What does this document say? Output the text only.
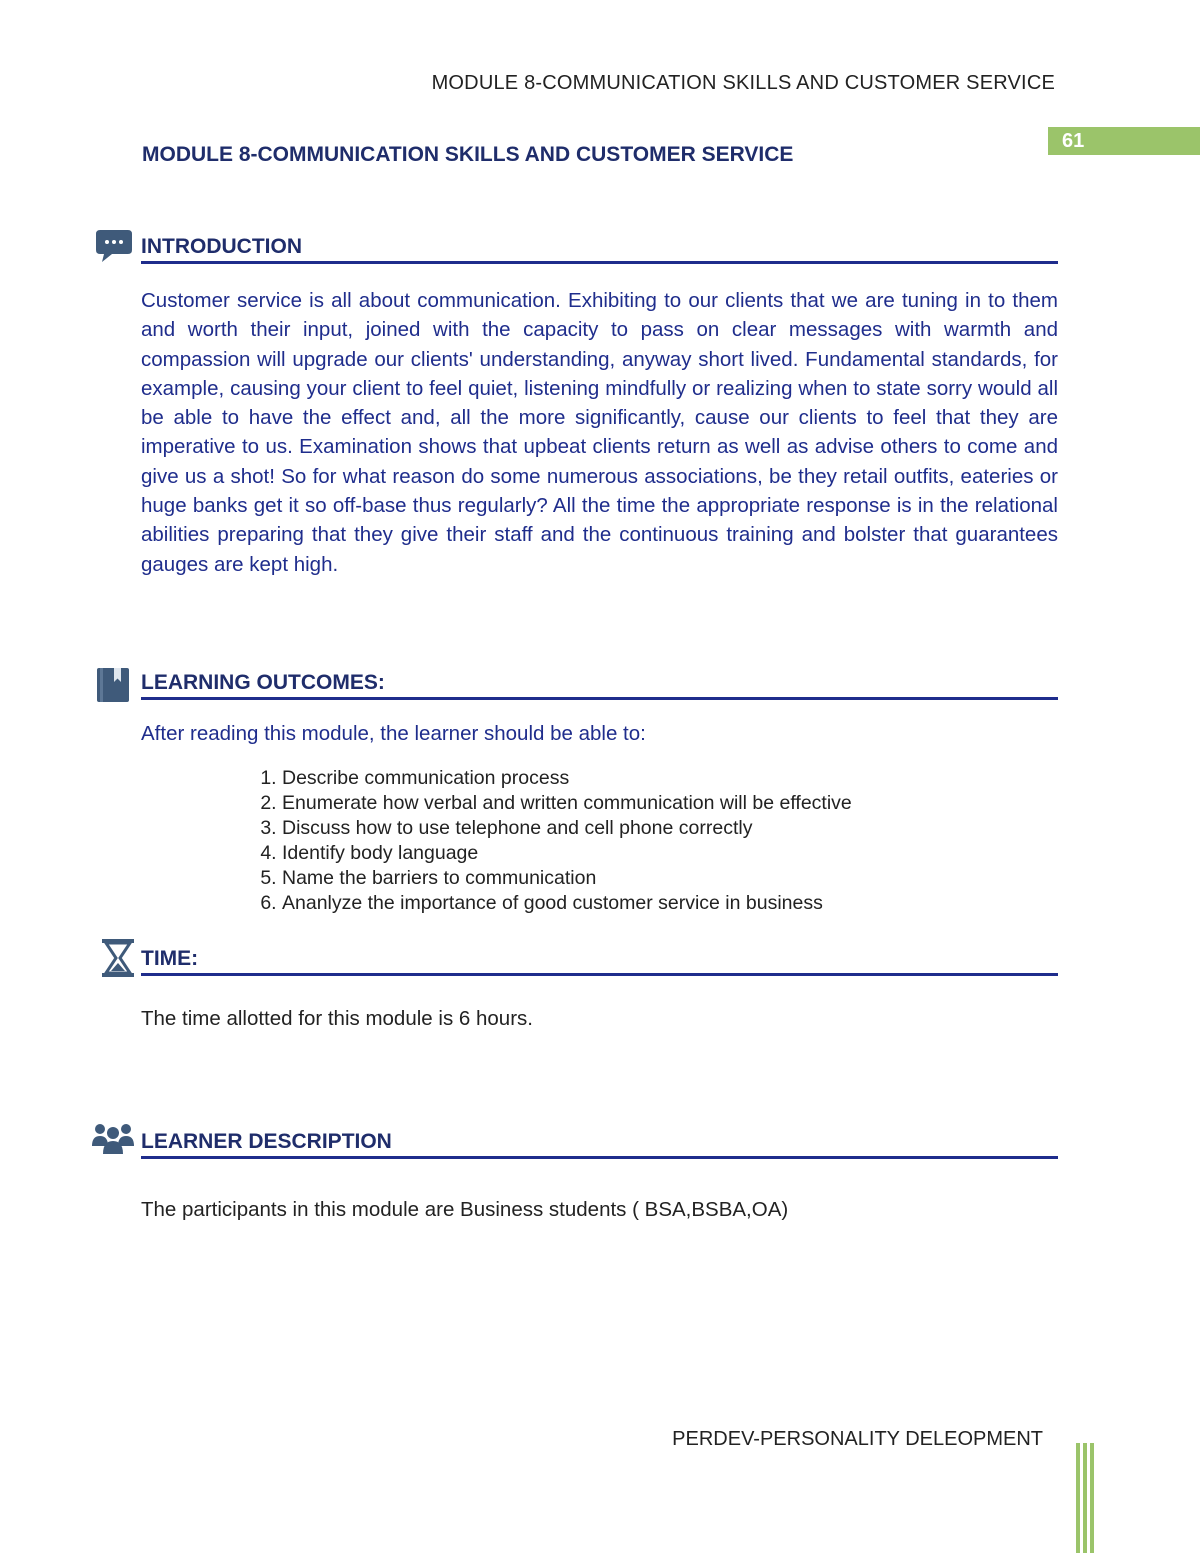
MODULE 8-COMMUNICATION SKILLS AND CUSTOMER SERVICE
61
MODULE 8-COMMUNICATION SKILLS AND CUSTOMER SERVICE
INTRODUCTION
Customer service is all about communication. Exhibiting to our clients that we are tuning in to them and worth their input, joined with the capacity to pass on clear messages with warmth and compassion will upgrade our clients' understanding, anyway short lived. Fundamental standards, for example, causing your client to feel quiet, listening mindfully or realizing when to state sorry would all be able to have the effect and, all the more significantly, cause our clients to feel that they are imperative to us. Examination shows that upbeat clients return as well as advise others to come and give us a shot! So for what reason do some numerous associations, be they retail outfits, eateries or huge banks get it so off-base thus regularly? All the time the appropriate response is in the relational abilities preparing that they give their staff and the continuous training and bolster that guarantees gauges are kept high.
LEARNING OUTCOMES:
After reading this module, the learner should be able to:
1. Describe communication process
2. Enumerate how verbal and written communication will be effective
3. Discuss how to use telephone and cell phone correctly
4. Identify body language
5. Name the barriers to communication
6. Ananlyze the importance of good customer service in business
TIME:
The time allotted for this module is 6 hours.
LEARNER DESCRIPTION
The participants in this module are Business students ( BSA,BSBA,OA)
PERDEV-PERSONALITY DELEOPMENT
